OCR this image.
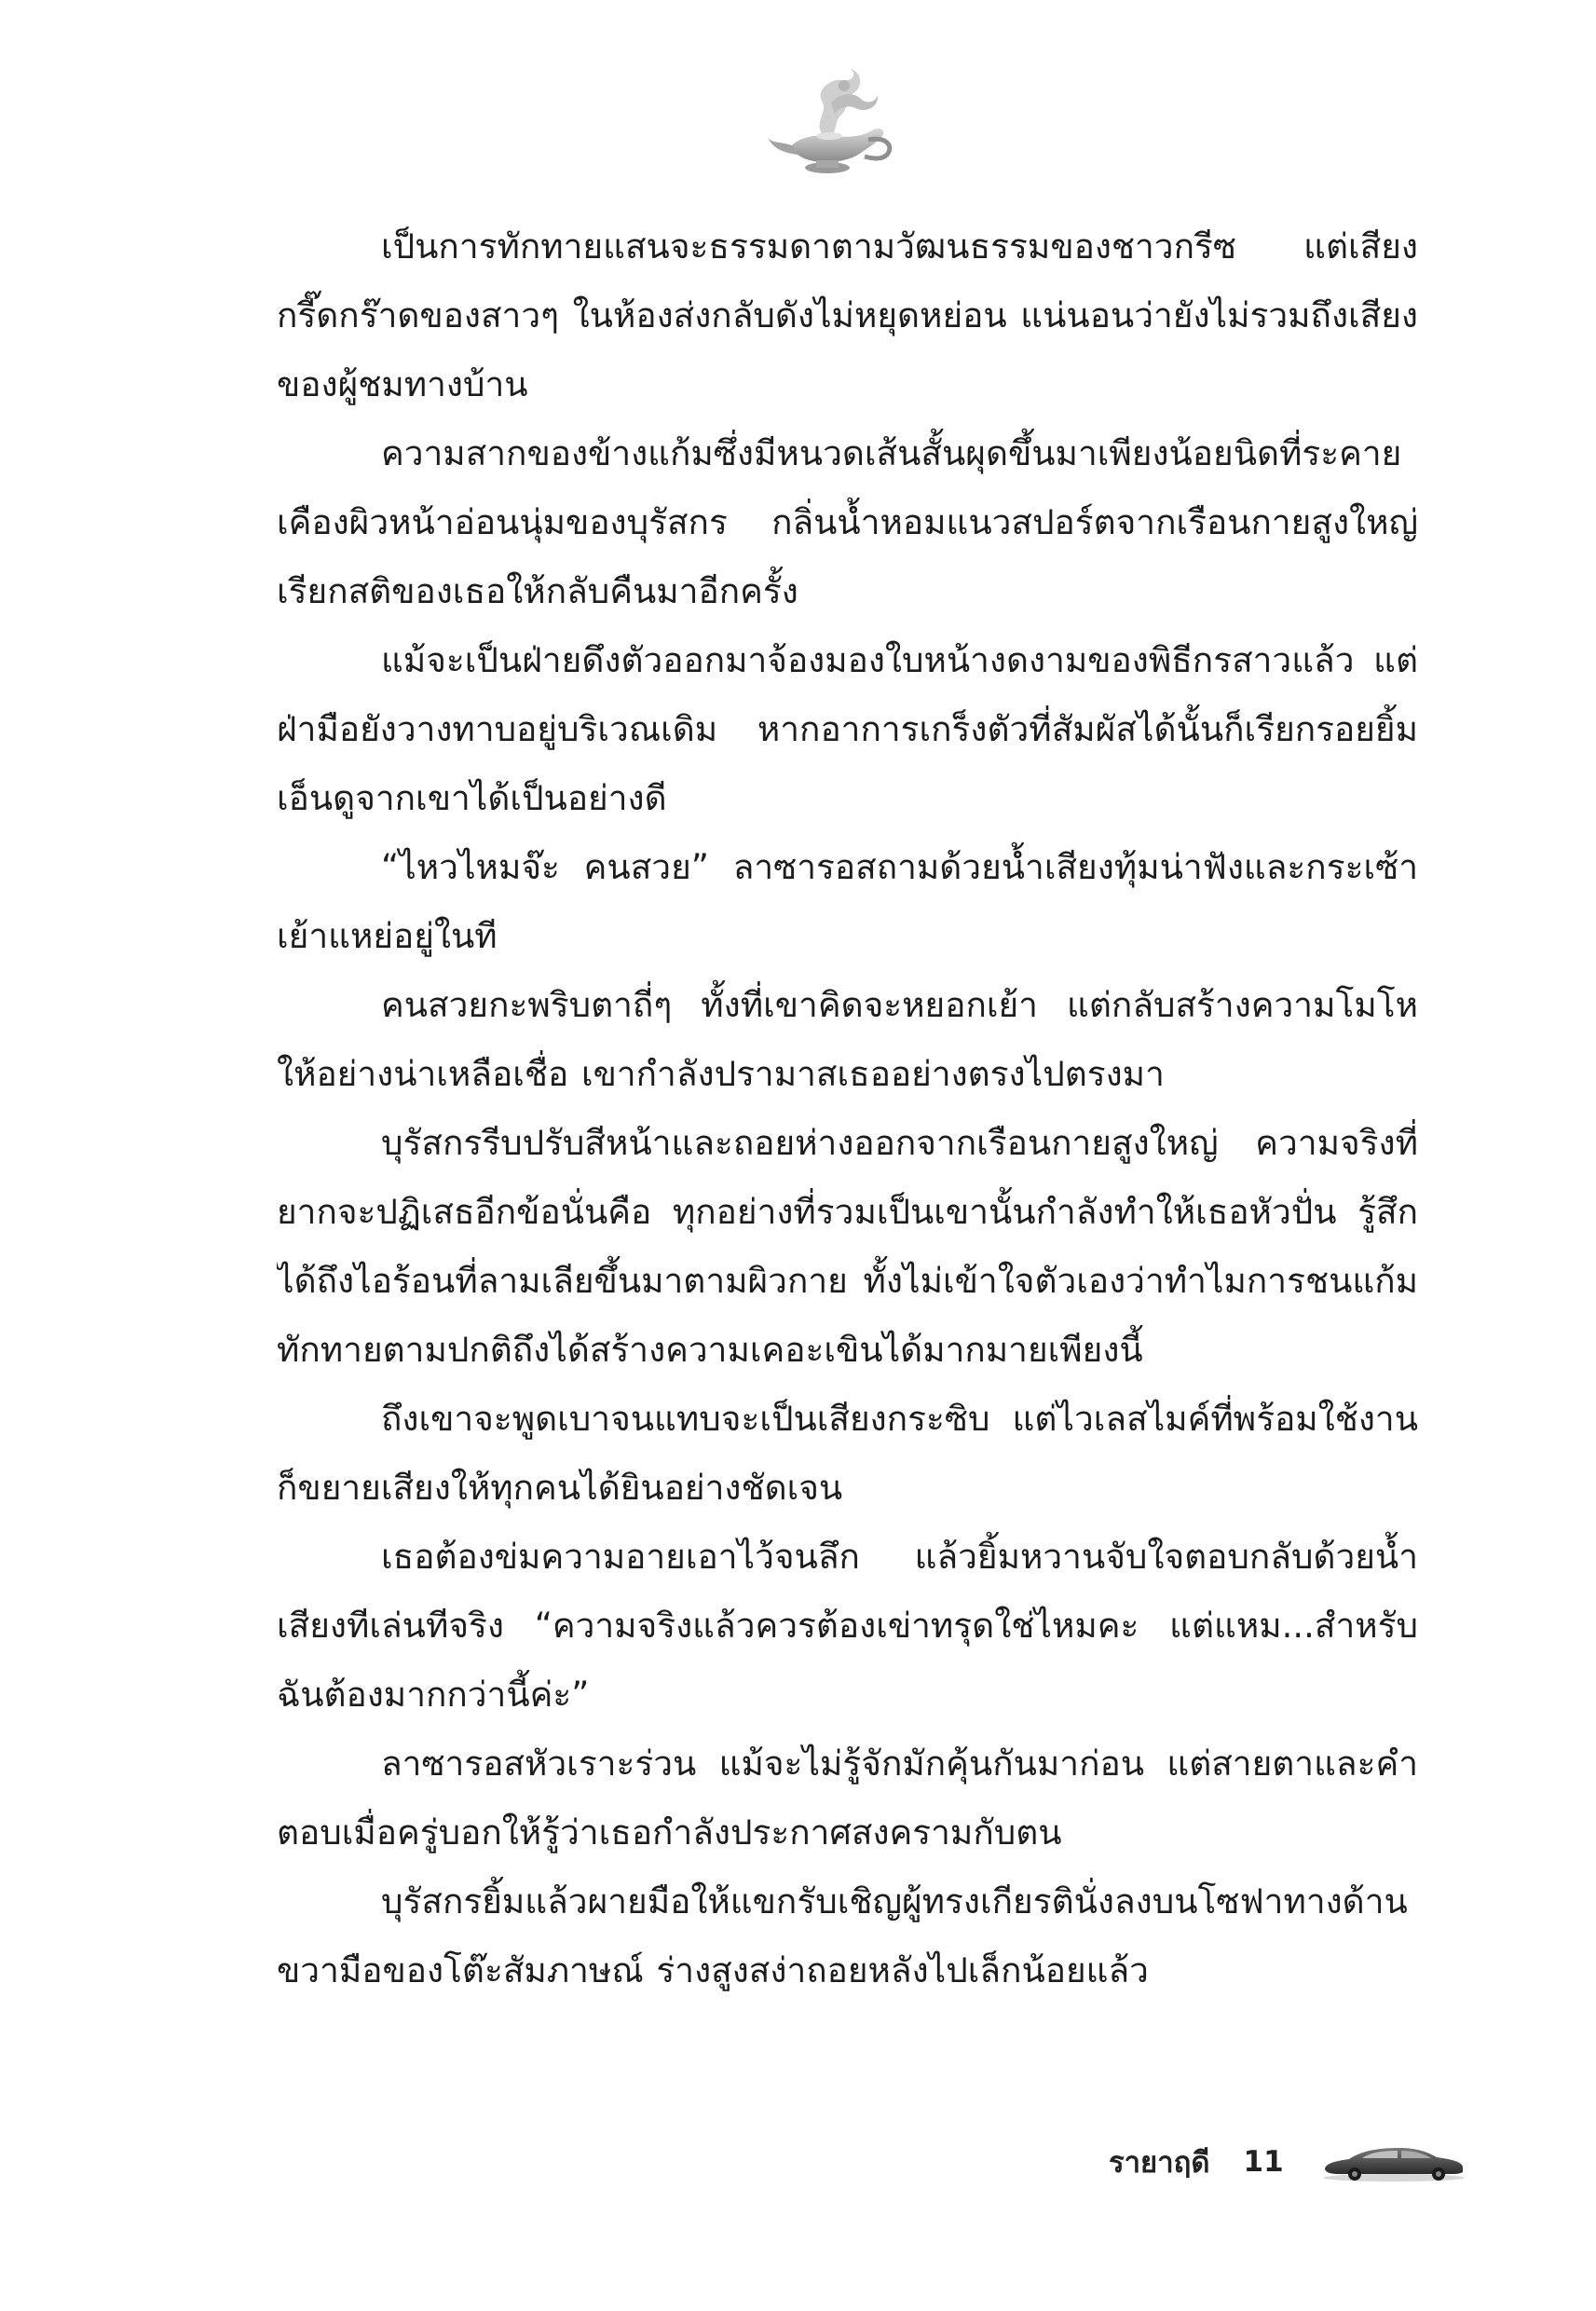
เป็นการทักทายแสนจะธรรมดาตามวัฒนธรรมของชาวกรีซ แต่เสียงกรี๊ดกร๊าดของสาวๆ ในห้องส่งกลับดังไม่หยุดหย่อน แน่นอนว่ายังไม่รวมถึงเสียงของผู้ชมทางบ้าน

ความสากของข้างแก้มซึ่งมีหนวดเส้นสั้นผุดขึ้นมาเพียงน้อยนิดที่ระคายเคืองผิวหน้าอ่อนนุ่มของบุรัสกร กลิ่นน้ำหอมแนวสปอร์ตจากเรือนกายสูงใหญ่เรียกสติของเธอให้กลับคืนมาอีกครั้ง

แม้จะเป็นฝ่ายดึงตัวออกมาจ้องมองใบหน้างดงามของพิธีกรสาวแล้ว แต่ฝ่ามือยังวางทาบอยู่บริเวณเดิม หากอาการเกร็งตัวที่สัมผัสได้นั้นก็เรียกรอยยิ้มเอ็นดูจากเขาได้เป็นอย่างดี

“ไหวไหมจ๊ะ คนสวย” ลาซารอสถามด้วยน้ำเสียงทุ้มน่าฟังและกระเซ้าเย้าแหย่อยู่ในที

คนสวยกะพริบตาถี่ๆ ทั้งที่เขาคิดจะหยอกเย้า แต่กลับสร้างความโมโหให้อย่างน่าเหลือเชื่อ เขากำลังปรามาสเธออย่างตรงไปตรงมา

บุรัสกรรีบปรับสีหน้าและถอยห่างออกจากเรือนกายสูงใหญ่ ความจริงที่ยากจะปฏิเสธอีกข้อนั่นคือ ทุกอย่างที่รวมเป็นเขานั้นกำลังทำให้เธอหัวปั่น รู้สึกได้ถึงไอร้อนที่ลามเลียขึ้นมาตามผิวกาย ทั้งไม่เข้าใจตัวเองว่าทำไมการชนแก้มทักทายตามปกติถึงได้สร้างความเคอะเขินได้มากมายเพียงนี้

ถึงเขาจะพูดเบาจนแทบจะเป็นเสียงกระซิบ แต่ไวเลสไมค์ที่พร้อมใช้งานก็ขยายเสียงให้ทุกคนได้ยินอย่างชัดเจน

เธอต้องข่มความอายเอาไว้จนลึก แล้วยิ้มหวานจับใจตอบกลับด้วยน้ำเสียงทีเล่นทีจริง “ความจริงแล้วควรต้องเข่าทรุดใช่ไหมคะ แต่แหม...สำหรับฉันต้องมากกว่านี้ค่ะ”

ลาซารอสหัวเราะร่วน แม้จะไม่รู้จักมักคุ้นกันมาก่อน แต่สายตาและคำตอบเมื่อครู่บอกให้รู้ว่าเธอกำลังประกาศสงครามกับตน

บุรัสกรยิ้มแล้วผายมือให้แขกรับเชิญผู้ทรงเกียรตินั่งลงบนโซฟาทางด้านขวามือของโต๊ะสัมภาษณ์ ร่างสูงสง่าถอยหลังไปเล็กน้อยแล้ว

รายาฤดี 11
